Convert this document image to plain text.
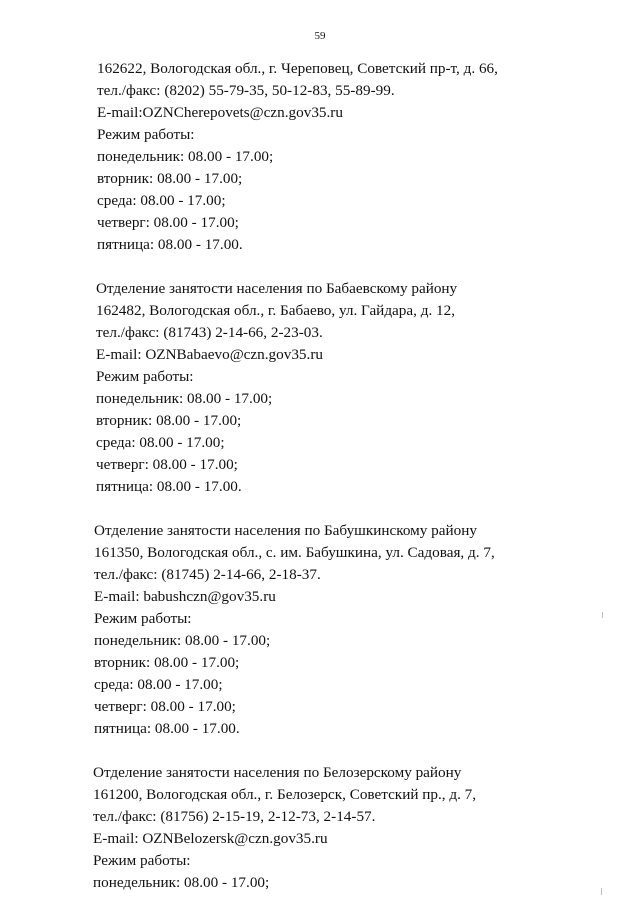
59
162622, Вологодская обл., г. Череповец, Советский пр-т, д. 66,
тел./факс: (8202) 55-79-35, 50-12-83, 55-89-99.
E-mail:OZNCherepovets@czn.gov35.ru
Режим работы:
понедельник: 08.00 - 17.00;
вторник: 08.00 - 17.00;
среда: 08.00 - 17.00;
четверг: 08.00 - 17.00;
пятница: 08.00 - 17.00.
Отделение занятости населения по Бабаевскому району
162482, Вологодская обл., г. Бабаево, ул. Гайдара, д. 12,
тел./факс: (81743) 2-14-66, 2-23-03.
E-mail: OZNBabaevo@czn.gov35.ru
Режим работы:
понедельник: 08.00 - 17.00;
вторник: 08.00 - 17.00;
среда: 08.00 - 17.00;
четверг: 08.00 - 17.00;
пятница: 08.00 - 17.00.
Отделение занятости населения по Бабушкинскому району
161350, Вологодская обл., с. им. Бабушкина, ул. Садовая, д. 7,
тел./факс: (81745) 2-14-66, 2-18-37.
E-mail: babushczn@gov35.ru
Режим работы:
понедельник: 08.00 - 17.00;
вторник: 08.00 - 17.00;
среда: 08.00 - 17.00;
четверг: 08.00 - 17.00;
пятница: 08.00 - 17.00.
Отделение занятости населения по Белозерскому району
161200, Вологодская обл., г. Белозерск, Советский пр., д. 7,
тел./факс: (81756) 2-15-19, 2-12-73, 2-14-57.
E-mail: OZNBelozersk@czn.gov35.ru
Режим работы:
понедельник: 08.00 - 17.00;
